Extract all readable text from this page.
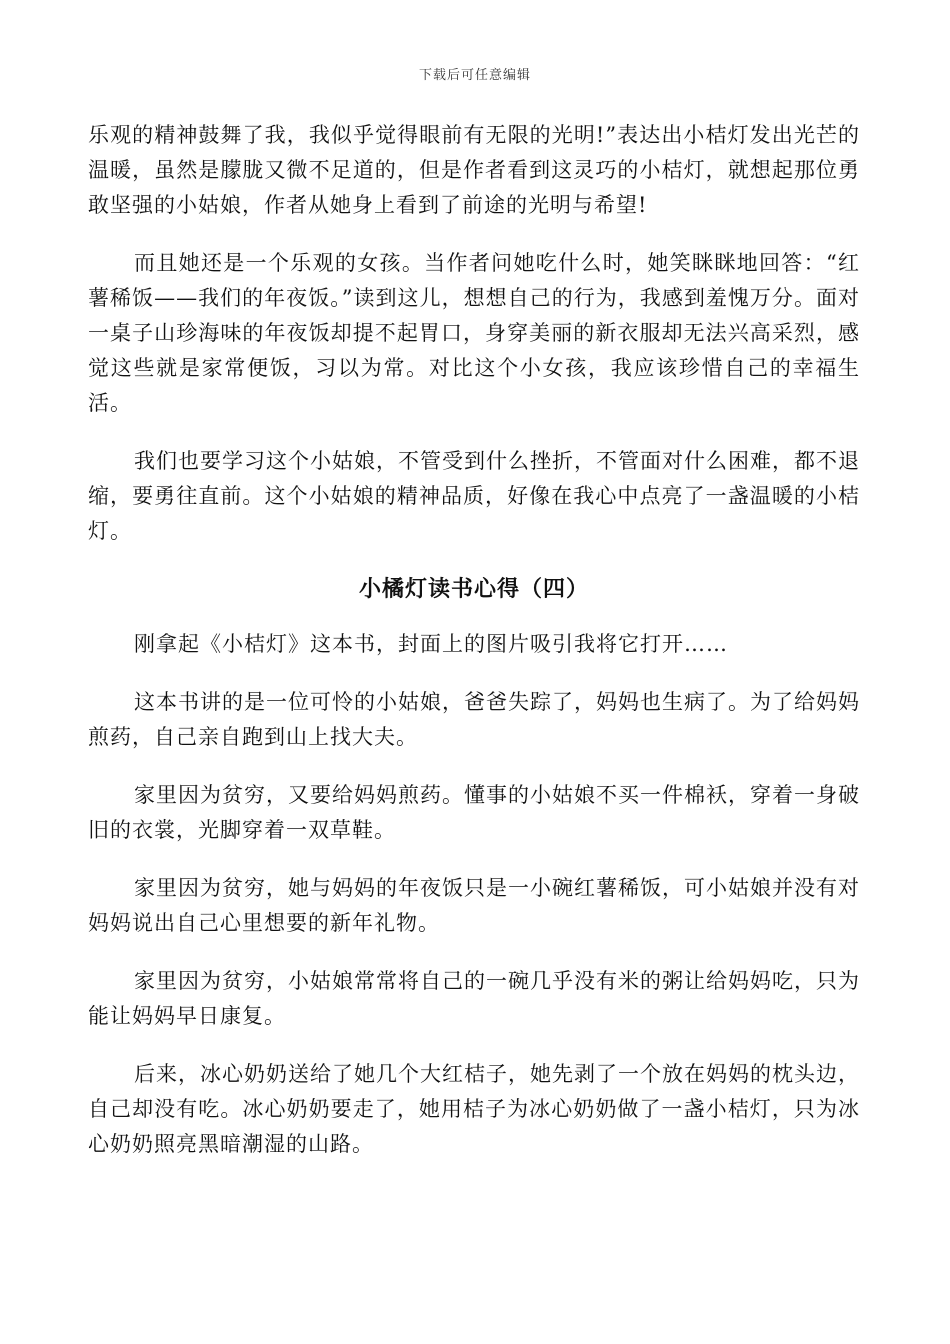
下载后可任意编辑

乐观的精神鼓舞了我，我似乎觉得眼前有无限的光明!”表达出小桔灯发出光芒的温暖，虽然是朦胧又微不足道的，但是作者看到这灵巧的小桔灯，就想起那位勇敢坚强的小姑娘，作者从她身上看到了前途的光明与希望!

而且她还是一个乐观的女孩。当作者问她吃什么时，她笑眯眯地回答：“红薯稀饭——我们的年夜饭。”读到这儿，想想自己的行为，我感到羞愧万分。面对一桌子山珍海味的年夜饭却提不起胃口，身穿美丽的新衣服却无法兴高采烈，感觉这些就是家常便饭，习以为常。对比这个小女孩，我应该珍惜自己的幸福生活。

我们也要学习这个小姑娘，不管受到什么挫折，不管面对什么困难，都不退缩，要勇往直前。这个小姑娘的精神品质，好像在我心中点亮了一盏温暖的小桔灯。

小橘灯读书心得（四）

刚拿起《小桔灯》这本书，封面上的图片吸引我将它打开……

这本书讲的是一位可怜的小姑娘，爸爸失踪了，妈妈也生病了。为了给妈妈煎药，自己亲自跑到山上找大夫。

家里因为贫穷，又要给妈妈煎药。懂事的小姑娘不买一件棉袄，穿着一身破旧的衣裳，光脚穿着一双草鞋。

家里因为贫穷，她与妈妈的年夜饭只是一小碗红薯稀饭，可小姑娘并没有对妈妈说出自己心里想要的新年礼物。

家里因为贫穷，小姑娘常常将自己的一碗几乎没有米的粥让给妈妈吃，只为能让妈妈早日康复。

后来，冰心奶奶送给了她几个大红桔子，她先剥了一个放在妈妈的枕头边，自己却没有吃。冰心奶奶要走了，她用桔子为冰心奶奶做了一盏小桔灯，只为冰心奶奶照亮黑暗潮湿的山路。
